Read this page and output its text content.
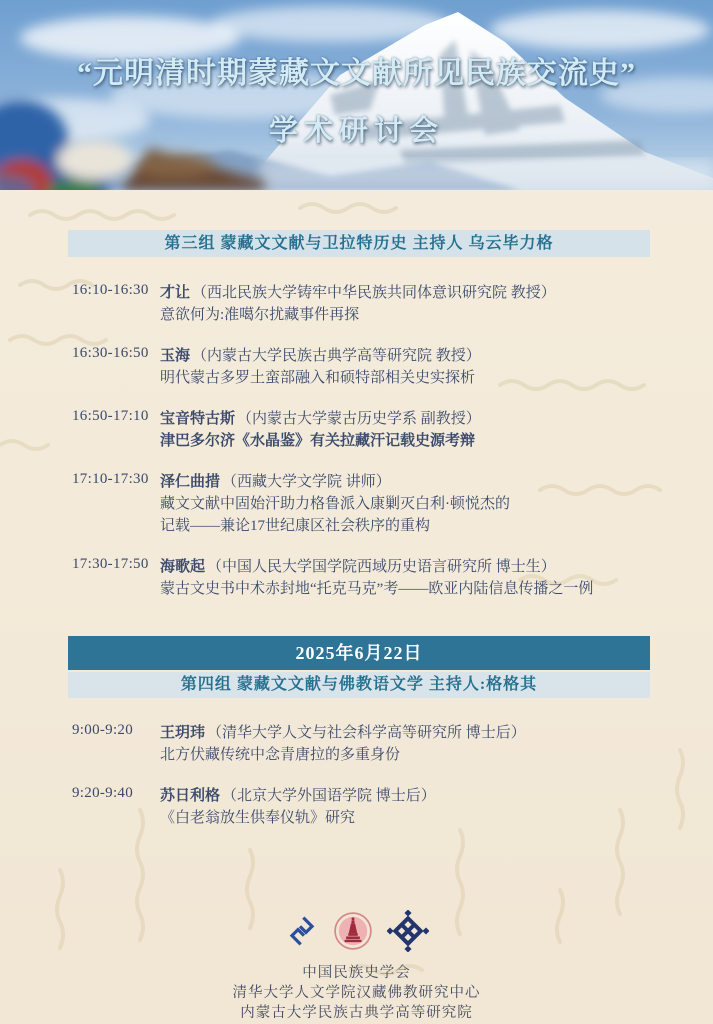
“元明清时期蒙藏文文献所见民族交流史”
学术研讨会
第三组 蒙藏文文献与卫拉特历史 主持人 乌云毕力格
16:10-16:30 才让 （西北民族大学铸牢中华民族共同体意识研究院 教授）
意欲何为:准噶尔扰藏事件再探
16:30-16:50 玉海 （内蒙古大学民族古典学高等研究院 教授）
明代蒙古多罗土蛮部融入和硕特部相关史实探析
16:50-17:10 宝音特古斯 （内蒙古大学蒙古历史学系 副教授）
津巴多尔济《水晶鉴》有关拉藏汗记载史源考辩
17:10-17:30 泽仁曲措 （西藏大学文学院 讲师）
藏文文献中固始汗助力格鲁派入康剿灭白利·顿悦杰的
记载——兼论17世纪康区社会秩序的重构
17:30-17:50 海歌起 （中国人民大学国学院西域历史语言研究所 博士生）
蒙古文史书中术赤封地“托克马克”考——欧亚内陆信息传播之一例
2025年6月22日
第四组 蒙藏文文献与佛教语文学 主持人:格格其
9:00-9:20	王玥玮 （清华大学人文与社会科学高等研究所 博士后）
北方伏藏传统中念青唐拉的多重身份
9:20-9:40	苏日利格 （北京大学外国语学院 博士后）
《白老翁放生供奉仪轨》研究
中国民族史学会
清华大学人文学院汉藏佛教研究中心
内蒙古大学民族古典学高等研究院
